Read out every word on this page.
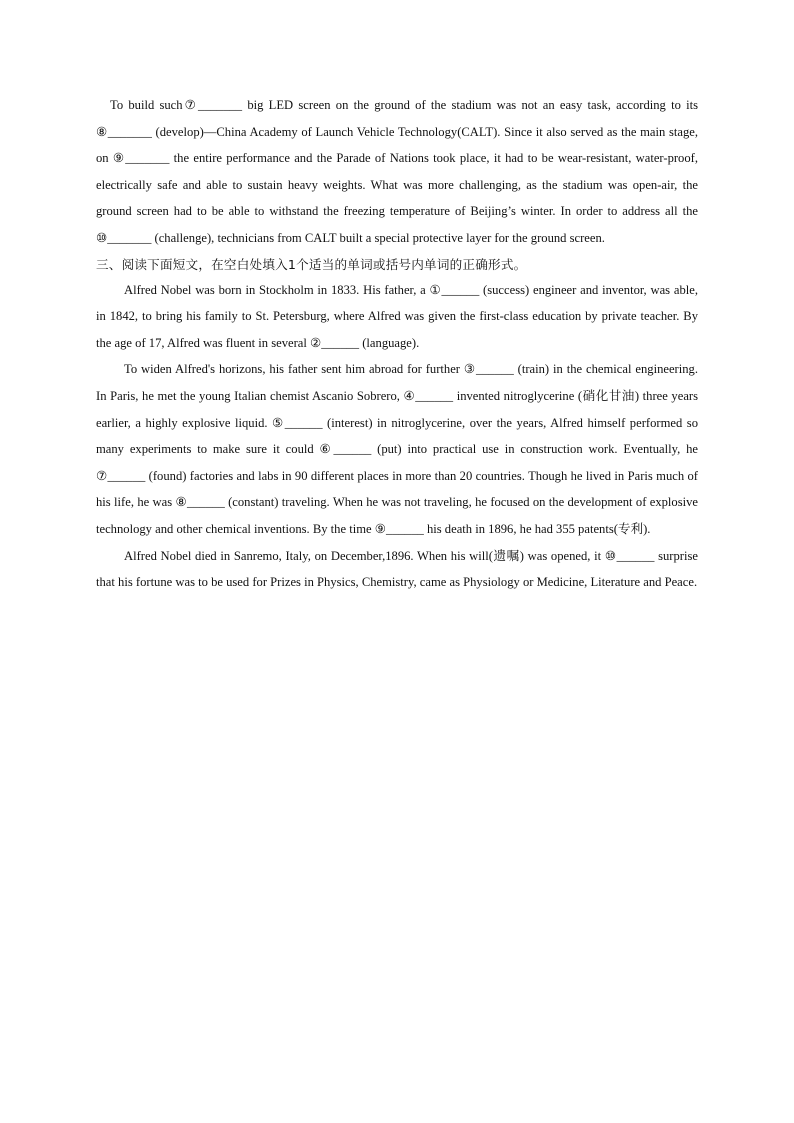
To build such⑦_______ big LED screen on the ground of the stadium was not an easy task, according to its ⑧_______ (develop)—China Academy of Launch Vehicle Technology(CALT). Since it also served as the main stage, on ⑨_______ the entire performance and the Parade of Nations took place, it had to be wear-resistant, water-proof, electrically safe and able to sustain heavy weights. What was more challenging, as the stadium was open-air, the ground screen had to be able to withstand the freezing temperature of Beijing’s winter. In order to address all the ⑩_______ (challenge), technicians from CALT built a special protective layer for the ground screen.

三、阅读下面短文，在空白处填入1个适当的单词或括号内单词的正确形式。

Alfred Nobel was born in Stockholm in 1833. His father, a ①______ (success) engineer and inventor, was able, in 1842, to bring his family to St. Petersburg, where Alfred was given the first-class education by private teacher. By the age of 17, Alfred was fluent in several ②______ (language).

To widen Alfred's horizons, his father sent him abroad for further ③______ (train) in the chemical engineering. In Paris, he met the young Italian chemist Ascanio Sobrero, ④______ invented nitroglycerine (硝化甘油) three years earlier, a highly explosive liquid. ⑤______ (interest) in nitroglycerine, over the years, Alfred himself performed so many experiments to make sure it could ⑥______ (put) into practical use in construction work. Eventually, he ⑦______ (found) factories and labs in 90 different places in more than 20 countries. Though he lived in Paris much of his life, he was ⑧______ (constant) traveling. When he was not traveling, he focused on the development of explosive technology and other chemical inventions. By the time ⑨______ his death in 1896, he had 355 patents(专利).

Alfred Nobel died in Sanremo, Italy, on December,1896. When his will(遗嘱) was opened, it ⑩______ surprise that his fortune was to be used for Prizes in Physics, Chemistry, came as Physiology or Medicine, Literature and Peace.
